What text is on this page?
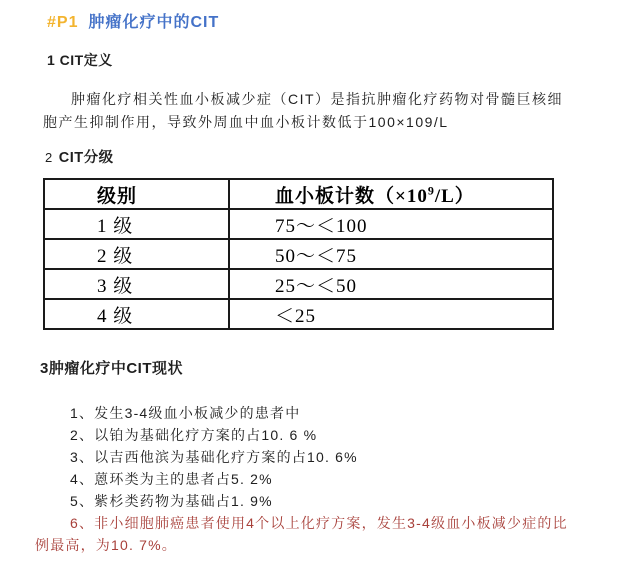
#P1 肿瘤化疗中的CIT
1 CIT定义

肿瘤化疗相关性血小板减少症（CIT）是指抗肿瘤化疗药物对骨髓巨核细胞产生抑制作用，导致外周血中血小板计数低于100×109/L

2 CIT分级
级别	血小板计数$(\times 10^9/L)$
1 级	75～＜100
2 级	50～＜75
3 级	25～＜50
4 级	＜25
3肿瘤化疗中CIT现状

1、发生3-4级血小板减少的患者中

2、以铂为基础化疗方案的占10. 6 %

3、以吉西他滨为基础化疗方案的占10. 6%

4、蒽环类为主的患者占5. 2%

5、紫杉类药物为基础占1. 9%

6、非小细胞肺癌患者使用4个以上化疗方案，发生3-4级血小板减少症的比例最高，为10. 7%。
